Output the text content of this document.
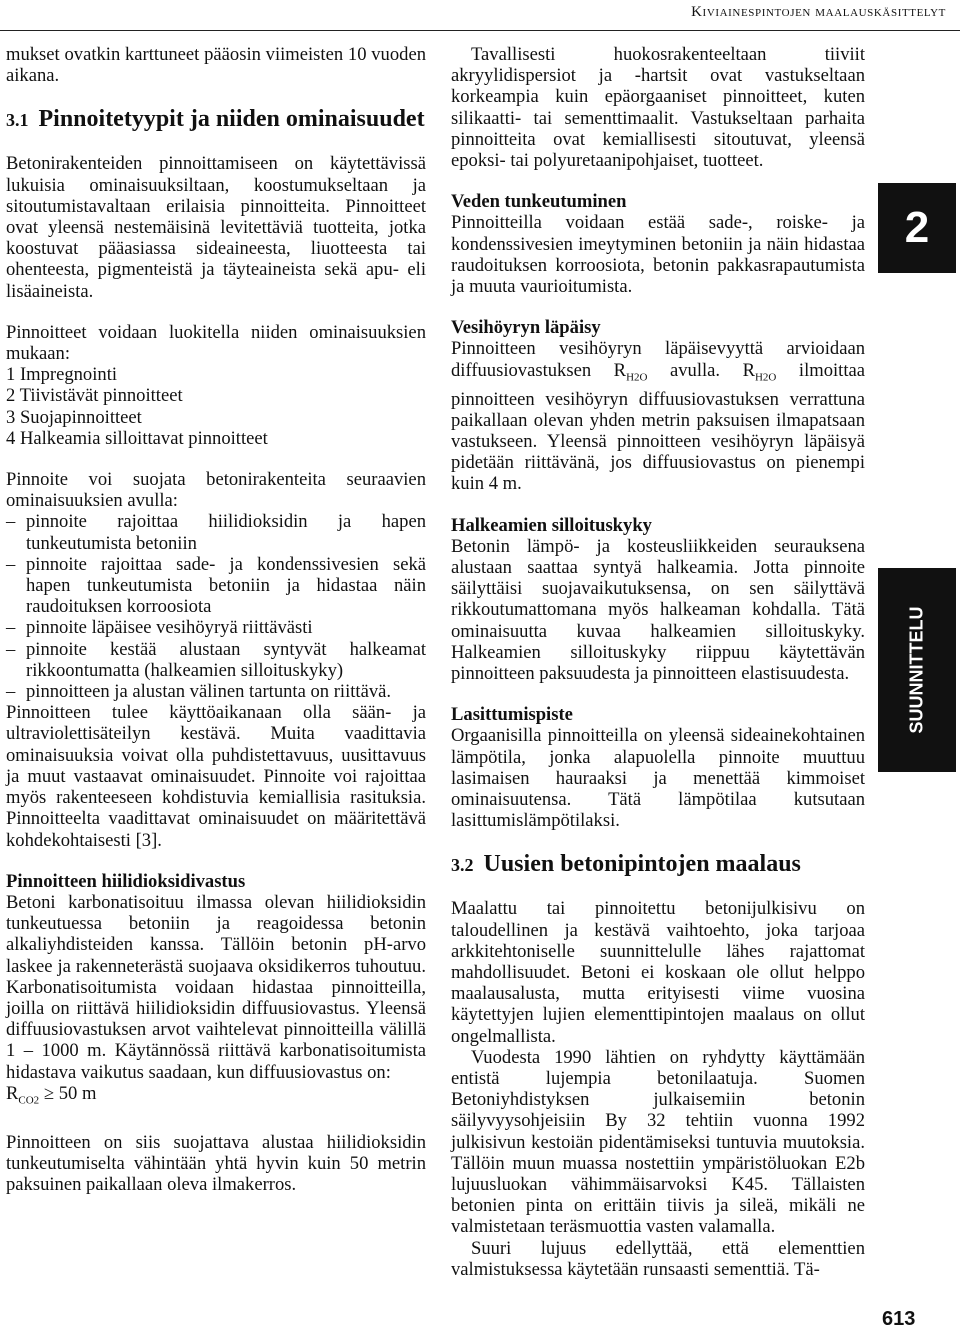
Kiviainespintojen maalauskäsittelyt

mukset ovatkin karttuneet pääosin viimeisten 10 vuoden aikana.

3.1 Pinnoitetyypit ja niiden ominaisuudet

Betonirakenteiden pinnoittamiseen on käytettävissä lukuisia ominaisuuksiltaan, koostumukseltaan ja sitoutumistavaltaan erilaisia pinnoitteita. Pinnoitteet ovat yleensä nestemäisinä levitettäviä tuotteita, jotka koostuvat pääasiassa sideaineesta, liuotteesta tai ohenteesta, pigmenteistä ja täyteaineista sekä apu- eli lisäaineista.

Pinnoitteet voidaan luokitella niiden ominaisuuksien mukaan:

1 Impregnointi

2 Tiivistävät pinnoitteet

3 Suojapinnoitteet

4 Halkeamia silloittavat pinnoitteet

Pinnoite voi suojata betonirakenteita seuraavien ominaisuuksien avulla:

– pinnoite rajoittaa hiilidioksidin ja hapen tunkeutumista betoniin

– pinnoite rajoittaa sade- ja kondenssivesien sekä hapen tunkeutumista betoniin ja hidastaa näin raudoituksen korroosiota

– pinnoite läpäisee vesihöyryä riittävästi

– pinnoite kestää alustaan syntyvät halkeamat rikkoontumatta (halkeamien silloituskyky)

– pinnoitteen ja alustan välinen tartunta on riittävä.

Pinnoitteen tulee käyttöaikanaan olla sään- ja ultraviolettisäteilyn kestävä. Muita vaadittavia ominaisuuksia voivat olla puhdistettavuus, uusittavuus ja muut vastaavat ominaisuudet. Pinnoite voi rajoittaa myös rakenteeseen kohdistuvia kemiallisia rasituksia. Pinnoitteelta vaadittavat ominaisuudet on määritettävä kohdekohtaisesti [3].

Pinnoitteen hiilidioksidivastus

Betoni karbonatisoituu ilmassa olevan hiilidioksidin tunkeutuessa betoniin ja reagoidessa betonin alkaliyhdisteiden kanssa. Tällöin betonin pH-arvo laskee ja rakenneterästä suojaava oksidikerros tuhoutuu. Karbonatisoitumista voidaan hidastaa pinnoitteilla, joilla on riittävä hiilidioksidin diffuusiovastus. Yleensä diffuusiovastuksen arvot vaihtelevat pinnoitteilla välillä 1 – 1000 m. Käytännössä riittävä karbonatisoitumista hidastava vaikutus saadaan, kun diffuusiovastus on:

$R_{CO2} \ge 50$ m

Pinnoitteen on siis suojattava alustaa hiilidioksidin tunkeutumiselta vähintään yhtä hyvin kuin 50 metrin paksuinen paikallaan oleva ilmakerros.

Tavallisesti huokosrakenteeltaan tiiviit akryylidispersiot ja -hartsit ovat vastukseltaan korkeampia kuin epäorgaaniset pinnoitteet, kuten silikaatti- tai sementtimaalit. Vastukseltaan parhaita pinnoitteita ovat kemiallisesti sitoutuvat, yleensä epoksi- tai polyuretaanipohjaiset, tuotteet.

Veden tunkeutuminen

Pinnoitteilla voidaan estää sade-, roiske- ja kondenssivesien imeytyminen betoniin ja näin hidastaa raudoituksen korroosiota, betonin pakkasrapautumista ja muuta vaurioitumista.

Vesihöyryn läpäisy

Pinnoitteen vesihöyryn läpäisevyyttä arvioidaan diffuusiovastuksen $R_{H2O}$ avulla. $R_{H2O}$ ilmoittaa pinnoitteen vesihöyryn diffuusiovastuksen verrattuna paikallaan olevan yhden metrin paksuisen ilmapatsaan vastukseen. Yleensä pinnoitteen vesihöyryn läpäisyä pidetään riittävänä, jos diffuusiovastus on pienempi kuin 4 m.

Halkeamien silloituskyky

Betonin lämpö- ja kosteusliikkeiden seurauksena alustaan saattaa syntyä halkeamia. Jotta pinnoite säilyttäisi suojavaikutuksensa, on sen säilyttävä rikkoutumattomana myös halkeaman kohdalla. Tätä ominaisuutta kuvaa halkeamien silloituskyky. Halkeamien silloituskyky riippuu käytettävän pinnoitteen paksuudesta ja pinnoitteen elastisuudesta.

Lasittumispiste

Orgaanisilla pinnoitteilla on yleensä sideainekohtainen lämpötila, jonka alapuolella pinnoite muuttuu lasimaisen hauraaksi ja menettää kimmoiset ominaisuutensa. Tätä lämpötilaa kutsutaan lasittumislämpötilaksi.

3.2 Uusien betonipintojen maalaus

Maalattu tai pinnoitettu betonijulkisivu on taloudellinen ja kestävä vaihtoehto, joka tarjoaa arkkitehtoniselle suunnittelulle lähes rajattomat mahdollisuudet. Betoni ei koskaan ole ollut helppo maalausalusta, mutta erityisesti viime vuosina käytettyjen lujien elementtipintojen maalaus on ollut ongelmallista.

Vuodesta 1990 lähtien on ryhdytty käyttämään entistä lujempia betonilaatuja. Suomen Betoniyhdistyksen julkaisemiin betonin säilyvyysohjeisiin By 32 tehtiin vuonna 1992 julkisivun kestoiän pidentämiseksi tuntuvia muutoksia. Tällöin muun muassa nostettiin ympäristöluokan E2b lujuusluokan vähimmäisarvoksi K45. Tällaisten betonien pinta on erittäin tiivis ja sileä, mikäli ne valmistetaan teräsmuottia vasten valamalla.

Suuri lujuus edellyttää, että elementtien valmistuksessa käytetään runsaasti sementtiä. Tä-

2
SUUNNITTELU
613
